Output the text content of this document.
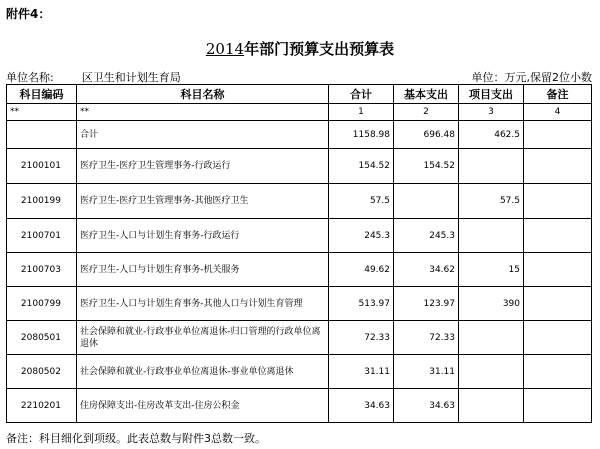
附件4：
2014年部门预算支出预算表
单位名称:	区卫生和计划生育局	单位：万元,保留2位小数
科目编码	科目名称	合计	基本支出	项目支出	备注
**	**	1	2	3	4
	合计	1158.98	696.48	462.5	
2100101	医疗卫生-医疗卫生管理事务-行政运行	154.52	154.52		
2100199	医疗卫生-医疗卫生管理事务-其他医疗卫生	57.5		57.5	
2100701	医疗卫生-人口与计划生育事务-行政运行	245.3	245.3		
2100703	医疗卫生-人口与计划生育事务-机关服务	49.62	34.62	15	
2100799	医疗卫生-人口与计划生育事务-其他人口与计划生育管理	513.97	123.97	390	
2080501	社会保障和就业-行政事业单位离退休-归口管理的行政单位离退休	72.33	72.33		
2080502	社会保障和就业-行政事业单位离退休-事业单位离退休	31.11	31.11		
2210201	住房保障支出-住房改革支出-住房公积金	34.63	34.63		
备注：科目细化到项级。此表总数与附件3总数一致。
